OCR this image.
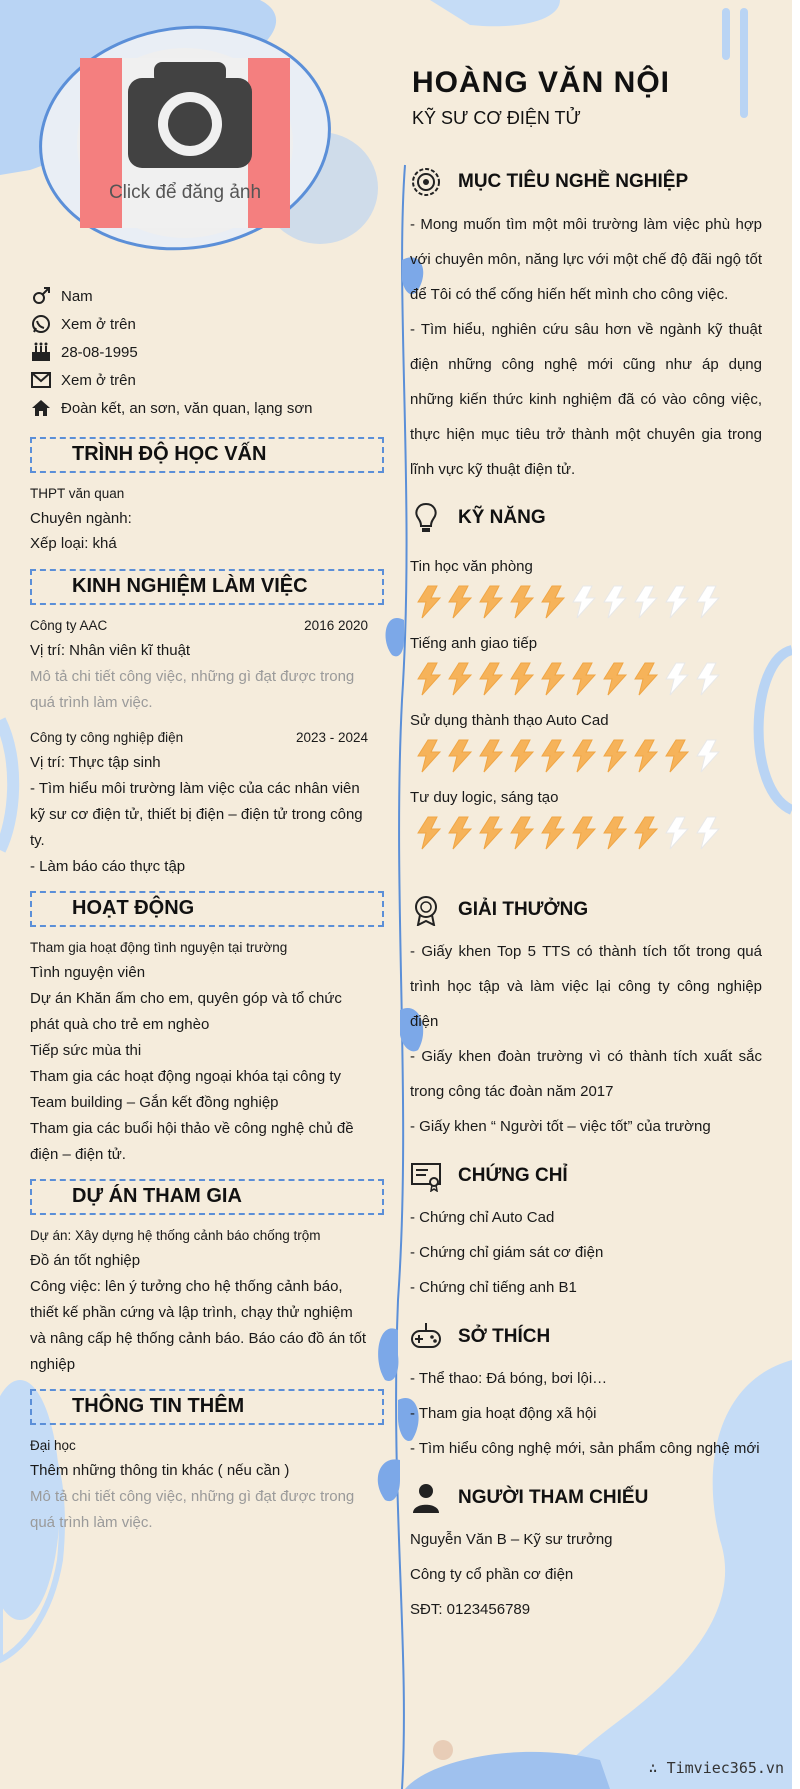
Click để đăng ảnh
HOÀNG VĂN NỘI
KỸ SƯ CƠ ĐIỆN TỬ
Nam
Xem ở trên
28-08-1995
Xem ở trên
Đoàn kết, an sơn, văn quan, lạng sơn
TRÌNH ĐỘ HỌC VẤN
THPT văn quan
Chuyên ngành:
Xếp loại: khá
KINH NGHIỆM LÀM VIỆC
Công ty AAC	2016 2020
Vị trí: Nhân viên kĩ thuật
Mô tả chi tiết công việc, những gì đạt được trong quá trình làm việc.
Công ty công nghiệp điện	2023 - 2024
Vị trí: Thực tập sinh
- Tìm hiểu môi trường làm việc của các nhân viên kỹ sư cơ điện tử, thiết bị điện – điện tử trong công ty.
- Làm báo cáo thực tập
HOẠT ĐỘNG
Tham gia hoạt động tình nguyện tại trường
Tình nguyện viên
Dự án Khăn ấm cho em, quyên góp và tổ chức phát quà cho trẻ em nghèo
Tiếp sức mùa thi
Tham gia các hoạt động ngoại khóa tại công ty
Team building – Gắn kết đồng nghiệp
Tham gia các buổi hội thảo về công nghệ chủ đề điện – điện tử.
DỰ ÁN THAM GIA
Dự án: Xây dựng hệ thống cảnh báo chống trộm
Đồ án tốt nghiệp
Công việc: lên ý tưởng cho hệ thống cảnh báo, thiết kế phần cứng và lập trình, chạy thử nghiệm và nâng cấp hệ thống cảnh báo. Báo cáo đồ án tốt nghiệp
THÔNG TIN THÊM
Đại học
Thêm những thông tin khác ( nếu cần )
Mô tả chi tiết công việc, những gì đạt được trong quá trình làm việc.
MỤC TIÊU NGHỀ NGHIỆP

- Mong muốn tìm một môi trường làm việc phù hợp với chuyên môn, năng lực với một chế độ đãi ngộ tốt để Tôi có thể cống hiến hết mình cho công việc.

- Tìm hiểu, nghiên cứu sâu hơn về ngành kỹ thuật điện những công nghệ mới cũng như áp dụng những kiến thức kinh nghiệm đã có vào công việc, thực hiện mục tiêu trở thành một chuyên gia trong lĩnh vực kỹ thuật điện tử.

KỸ NĂNG
Tin học văn phòng
Tiếng anh giao tiếp
Sử dụng thành thạo Auto Cad
Tư duy logic, sáng tạo
GIẢI THƯỞNG

- Giấy khen Top 5 TTS có thành tích tốt trong quá trình học tập và làm việc lại công ty công nghiệp điện

- Giấy khen đoàn trường vì có thành tích xuất sắc trong công tác đoàn năm 2017

- Giấy khen “ Người tốt – việc tốt” của trường

CHỨNG CHỈ

- Chứng chỉ Auto Cad

- Chứng chỉ giám sát cơ điện

- Chứng chỉ tiếng anh B1

SỞ THÍCH

- Thể thao: Đá bóng, bơi lội…

- Tham gia hoạt động xã hội

- Tìm hiểu công nghệ mới, sản phẩm công nghệ mới

NGƯỜI THAM CHIẾU

Nguyễn Văn B – Kỹ sư trưởng

Công ty cổ phần cơ điện

SĐT: 0123456789

∴ Timviec365.vn
